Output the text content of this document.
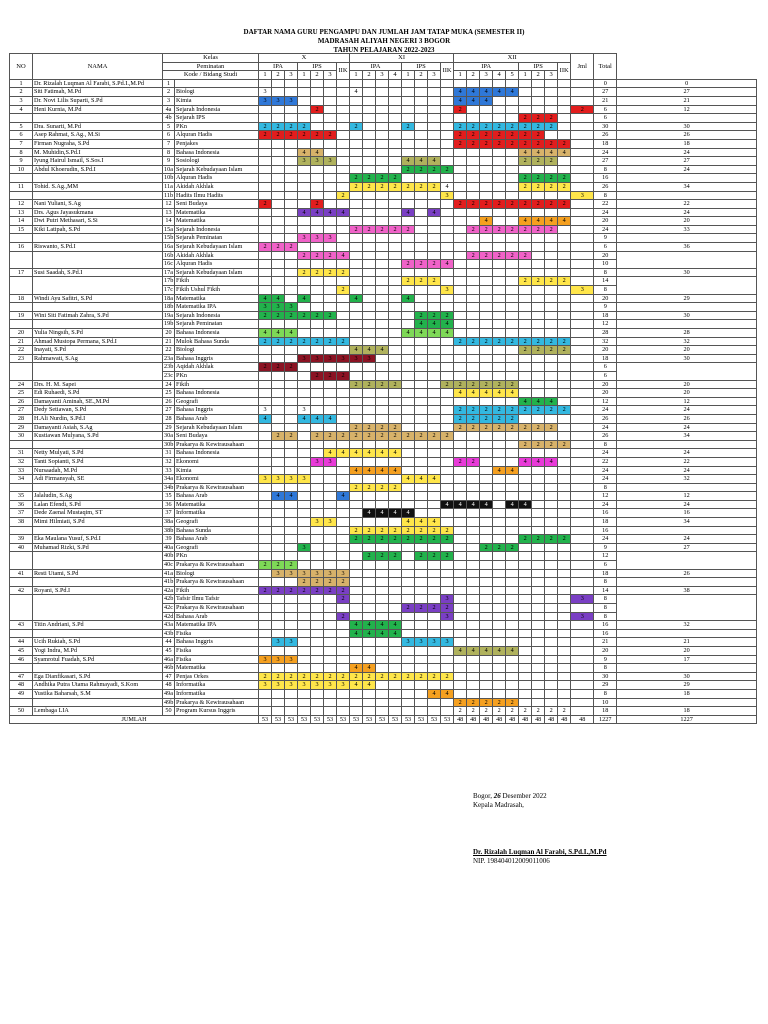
DAFTAR NAMA GURU PENGAMPU DAN JUMLAH JAM TATAP MUKA (SEMESTER II)
MADRASAH ALIYAH NEGERI 3 BOGOR
TAHUN PELAJARAN 2022-2023
NO	NAMA	Kelas		X							XI								XII									Jml	Total	
		Peminatan		IPA			IPS			IIK	IPA				IPS			IIK	IPA					IPS			IIK			
		Kode / Bidang Studi		1	2	3	1	2	3		1	2	3	4	1	2	3		1	2	3	4	5	1	2	3				
1	Dr. Rizalah Luqman Al Farabi, S.Pd.I.,M.Pd	1																											0	0
2	Siti Fatimah, M.Pd	2	Biologi	3							4								4	4	4	4	4						27	27
3	Dr. Novi Lilis Suparti, S.Pd	3	Kimia	3	3	3													4	4	4								21	21
4	Heni Kurnia, M.Pd	4a	Sejarah Indonesia					2											2									2	6	12
		4b	Sejarah IPS																					2	2	2			6	
5	Dra. Sunarti, M.Pd	5	PKn	2	2	2	2				2				2				2	2	2	2	2	2	2	2			30	30
6	Asep Rahmat, S.Ag., M.Si	6	Alquran Hadis	2	2	2	2	2	2										2	2	2	2	2	2	2				26	26
7	Firman Nugraha, S.Pd	7	Penjakes																2	2	2	2	2	2	2	2	2		18	18
8	M. Muhidin,S.Pd.I	8	Bahasa Indonesia				4	4																4	4	4	4		24	24
9	Iyung Hairul Ismail, S.Sos.I	9	Sosiologi				3	3	3						4	4	4							2	2	2			27	27
10	Abdul Khoerudin, S.Pd.I	10a	Sejarah Kebudayaan Islam												2	2	2	2											8	24
		10b	Alquran Hadis								2	2	2	2										2	2	2	2		16	
11	Tohid. S.Ag.,MM	11a	Akidah Akhlak								2	2	2	2	2	2	2	4						2	2	2	2		26	34
		11b	Hadits Ilmu Hadits							2								3										3	8	
12	Nani Yuliani, S.Ag	12	Seni Budaya	2				2											2	2	2	2	2	2	2	2	2		22	22
13	Drs. Agus Jayasukmana	13	Matematika				4	4	4	4					4		4												24	24
14	Dwi Putri Methasari, S.Si	14	Matematika																		4			4	4	4	4		20	20
15	Kiki Latipah, S.Pd	15a	Sejarah Indonesia								2	2	2	2	2					2	2	2	2	2	2	2			24	33
		15b	Sejarah Peminatan				3	3	3																				9	
16	Riswanto, S.Pd.I	16a	Sejarah Kebudayaan Islam	2	2	2																							6	36
		16b	Akidah Akhlak				2	2	2	4										2	2	2	2	2					20	
		16c	Alquran Hadis												2	2	2	4											10	
17	Susi Saadah, S.Pd.I	17a	Sejarah Kebudayaan Islam				2	2	2	2																			8	30
		17b	Fikih												2	2	2							2	2	2	2		14	
		17c	Fikih Ushul Fikih							2								3										3	8	
18	Windi Ayu Safitri, S.Pd	18a	Matematika	4	4		4				4				4														20	29
		18b	Matematika IPA	3	3	3																							9	
19	Wini Siti Fatimah Zahra, S.Pd	19a	Sejarah Indonesia	2	2	2	2	2	2							2	2	2											18	30
		19b	Sejarah Peminatan													4	4	4											12	
20	Yulia Ningsih, S.Pd	20	Bahasa Indonesia	4	4	4									4	4	4	4											28	28
21	Ahmad Mustopa Permana, S.Pd.I	21	Mulok Bahasa Sunda	2	2	2	2	2	2	2									2	2	2	2	2	2	2	2	2		32	32
22	Inayati, S.Pd	22	Biologi								4	4	4											2	2	2	2		20	20
23	Rahmawati, S.Ag	23a	Bahasa Inggris				3	3	3	3	3	3																	18	30
		23b	Aqidah Akhlak	2	2	2																							6	
		23c	PKn					2	2	2																			6	
24	Drs. H. M. Sapei	24	Fikih								2	2	2	2				2	2	2	2	2	2						20	20
25	Edi Ruhaedi, S.Pd	25	Bahasa Indonesia																4	4	4	4	4						20	20
26	Damayanti Aminah, SE.,M.Pd	26	Geografi																					4	4	4			12	12
27	Dedy Setiawan, S.Pd	27	Bahasa Inggris	3			3												2	2	2	2	2	2	2	2	2		24	24
28	H.Ali Nurdin, S.Pd.I	28	Bahasa Arab	4			4	4	4										2	2	2	2	2						26	26
29	Damayanti Asiah, S.Ag	29	Sejarah Kebudayaan Islam								2	2	2	2					2	2	2	2	2	2	2	2			24	24
30	Kustiawan Mulyana, S.Pd	30a	Seni Budaya		2	2		2	2	2	2	2	2	2	2	2	2	2											26	34
		30b	Prakarya & Kewirausahaan																					2	2	2	2		8	
31	Netty Mulyati, S.Pd	31	Bahasa Indonesia						4	4	4	4	4	4															24	24
32	Tanti Sopianti, S.Pd	32	Ekonomi					3	3										2	2				4	4	4			22	22
33	Nursaadah, M.Pd	33	Kimia								4	4	4	4								4	4						24	24
34	Adi Firmansyah, SE	34a	Ekonomi	3	3	3	3								4	4	4												24	32
		34b	Prakarya & Kewirausahaan								2	2	2	2															8	
35	Jalaludin, S.Ag	35	Bahasa Arab		4	4				4																			12	12
36	Lalan Efendi, S.Pd	36	Matematika															4	4	4	4		4	4					24	24
37	Dede Zaenal Mustaqim, ST	37	Informatika									4	4	4	4														16	16
38	Mimi Hilmiati, S.Pd	38a	Geografi					3	3						4	4	4												18	34
		38b	Bahasa Sunda								2	2	2	2	2	2	2	2											16	
39	Eka Maulana Yusuf, S.Pd.I	39	Bahasa Arab								2	2	2	2	2	2	2	2						2	2	2	2		24	24
40	Muhamad Rizki, S.Pd	40a	Geografi				3														2	2	2						9	27
		40b	PKn									2	2	2		2	2	2											12	
		40c	Prakarya & Kewirausahaan	2	2	2																							6	
41	Resti Utami, S.Pd	41a	Biologi		3	3	3	3	3	3																			18	26
		41b	Prakarya & Kewirausahaan				2	2	2	2																			8	
42	Royani, S.Pd.I	42a	Fikih	2	2	2	2	2	2	2																			14	38
		42b	Tafsir Ilmu Tafsir							2								3										3	8	
		42c	Prakarya & Kewirausahaan												2	2	2	2											8	
		42d	Bahasa Arab							2								3										3	8	
43	Titin Andriani, S.Pd	43a	Matematika IPA								4	4	4	4															16	32
		43b	Fisika								4	4	4	4															16	
44	Ucih Rukiah, S.Pd	44	Bahasa Inggris		3	3									3	3	3	3											21	21
45	Yogi Indra, M.Pd	45	Fisika																4	4	4	4	4						20	20
46	Syamrotul Fuadah, S.Pd	46a	Fisika	3	3	3																							9	17
		46b	Matematika								4	4																	8	
47	Ega Dianfikasari, S.Pd	47	Penjas Orkes	2	2	2	2	2	2	2	2	2	2	2	2	2	2	2											30	30
48	Andhika Putra Utama Rahmayadi, S.Kom	48	Informatika	3	3	3	3	3	3	3	4	4																	29	29
49	Yustika Baharsah, S.M	49a	Informatika														4	4											8	18
		49b	Prakarya & Kewirausahaan																2	2	2	2	2						10	
50	Lembaga LIA	50	Program Kursus Inggris																2	2	2	2	2	2	2	2	2		18	18
JUMLAH				53	53	53	53	53	53	53	53	53	53	53	53	53	53	53	48	48	48	48	48	48	48	48	48	48	1227	1227
Bogor, 26 Desember 2022
Kepala Madrasah,
Dr. Rizalah Luqman Al Farabi, S.Pd.I.,M.Pd
NIP. 198404012009011006
